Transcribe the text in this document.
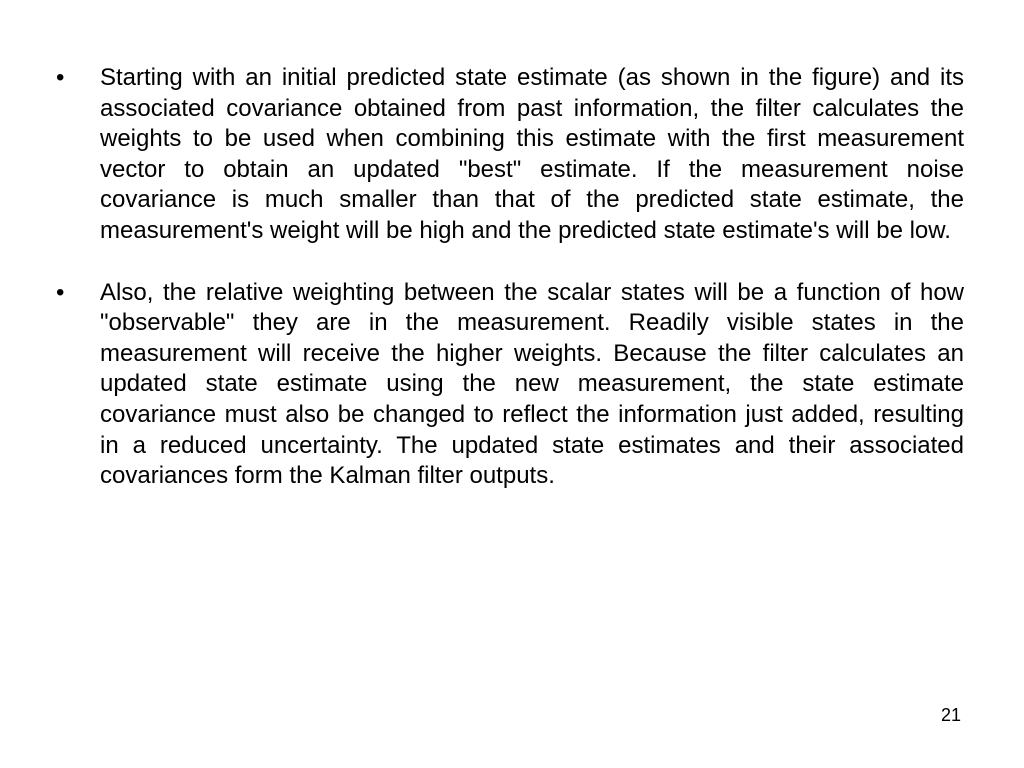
•	Starting with an initial predicted state estimate (as shown in the figure) and its associated covariance obtained from past information, the filter calculates the weights to be used when combining this estimate with the first measurement vector to obtain an updated "best" estimate. If the measurement noise covariance is much smaller than that of the predicted state estimate, the measurement's weight will be high and the predicted state estimate's will be low.
•	Also, the relative weighting between the scalar states will be a function of how "observable" they are in the measurement. Readily visible states in the measurement will receive the higher weights. Because the filter calculates an updated state estimate using the new measurement, the state estimate covariance must also be changed to reflect the information just added, resulting in a reduced uncertainty. The updated state estimates and their associated covariances form the Kalman filter outputs.
21
